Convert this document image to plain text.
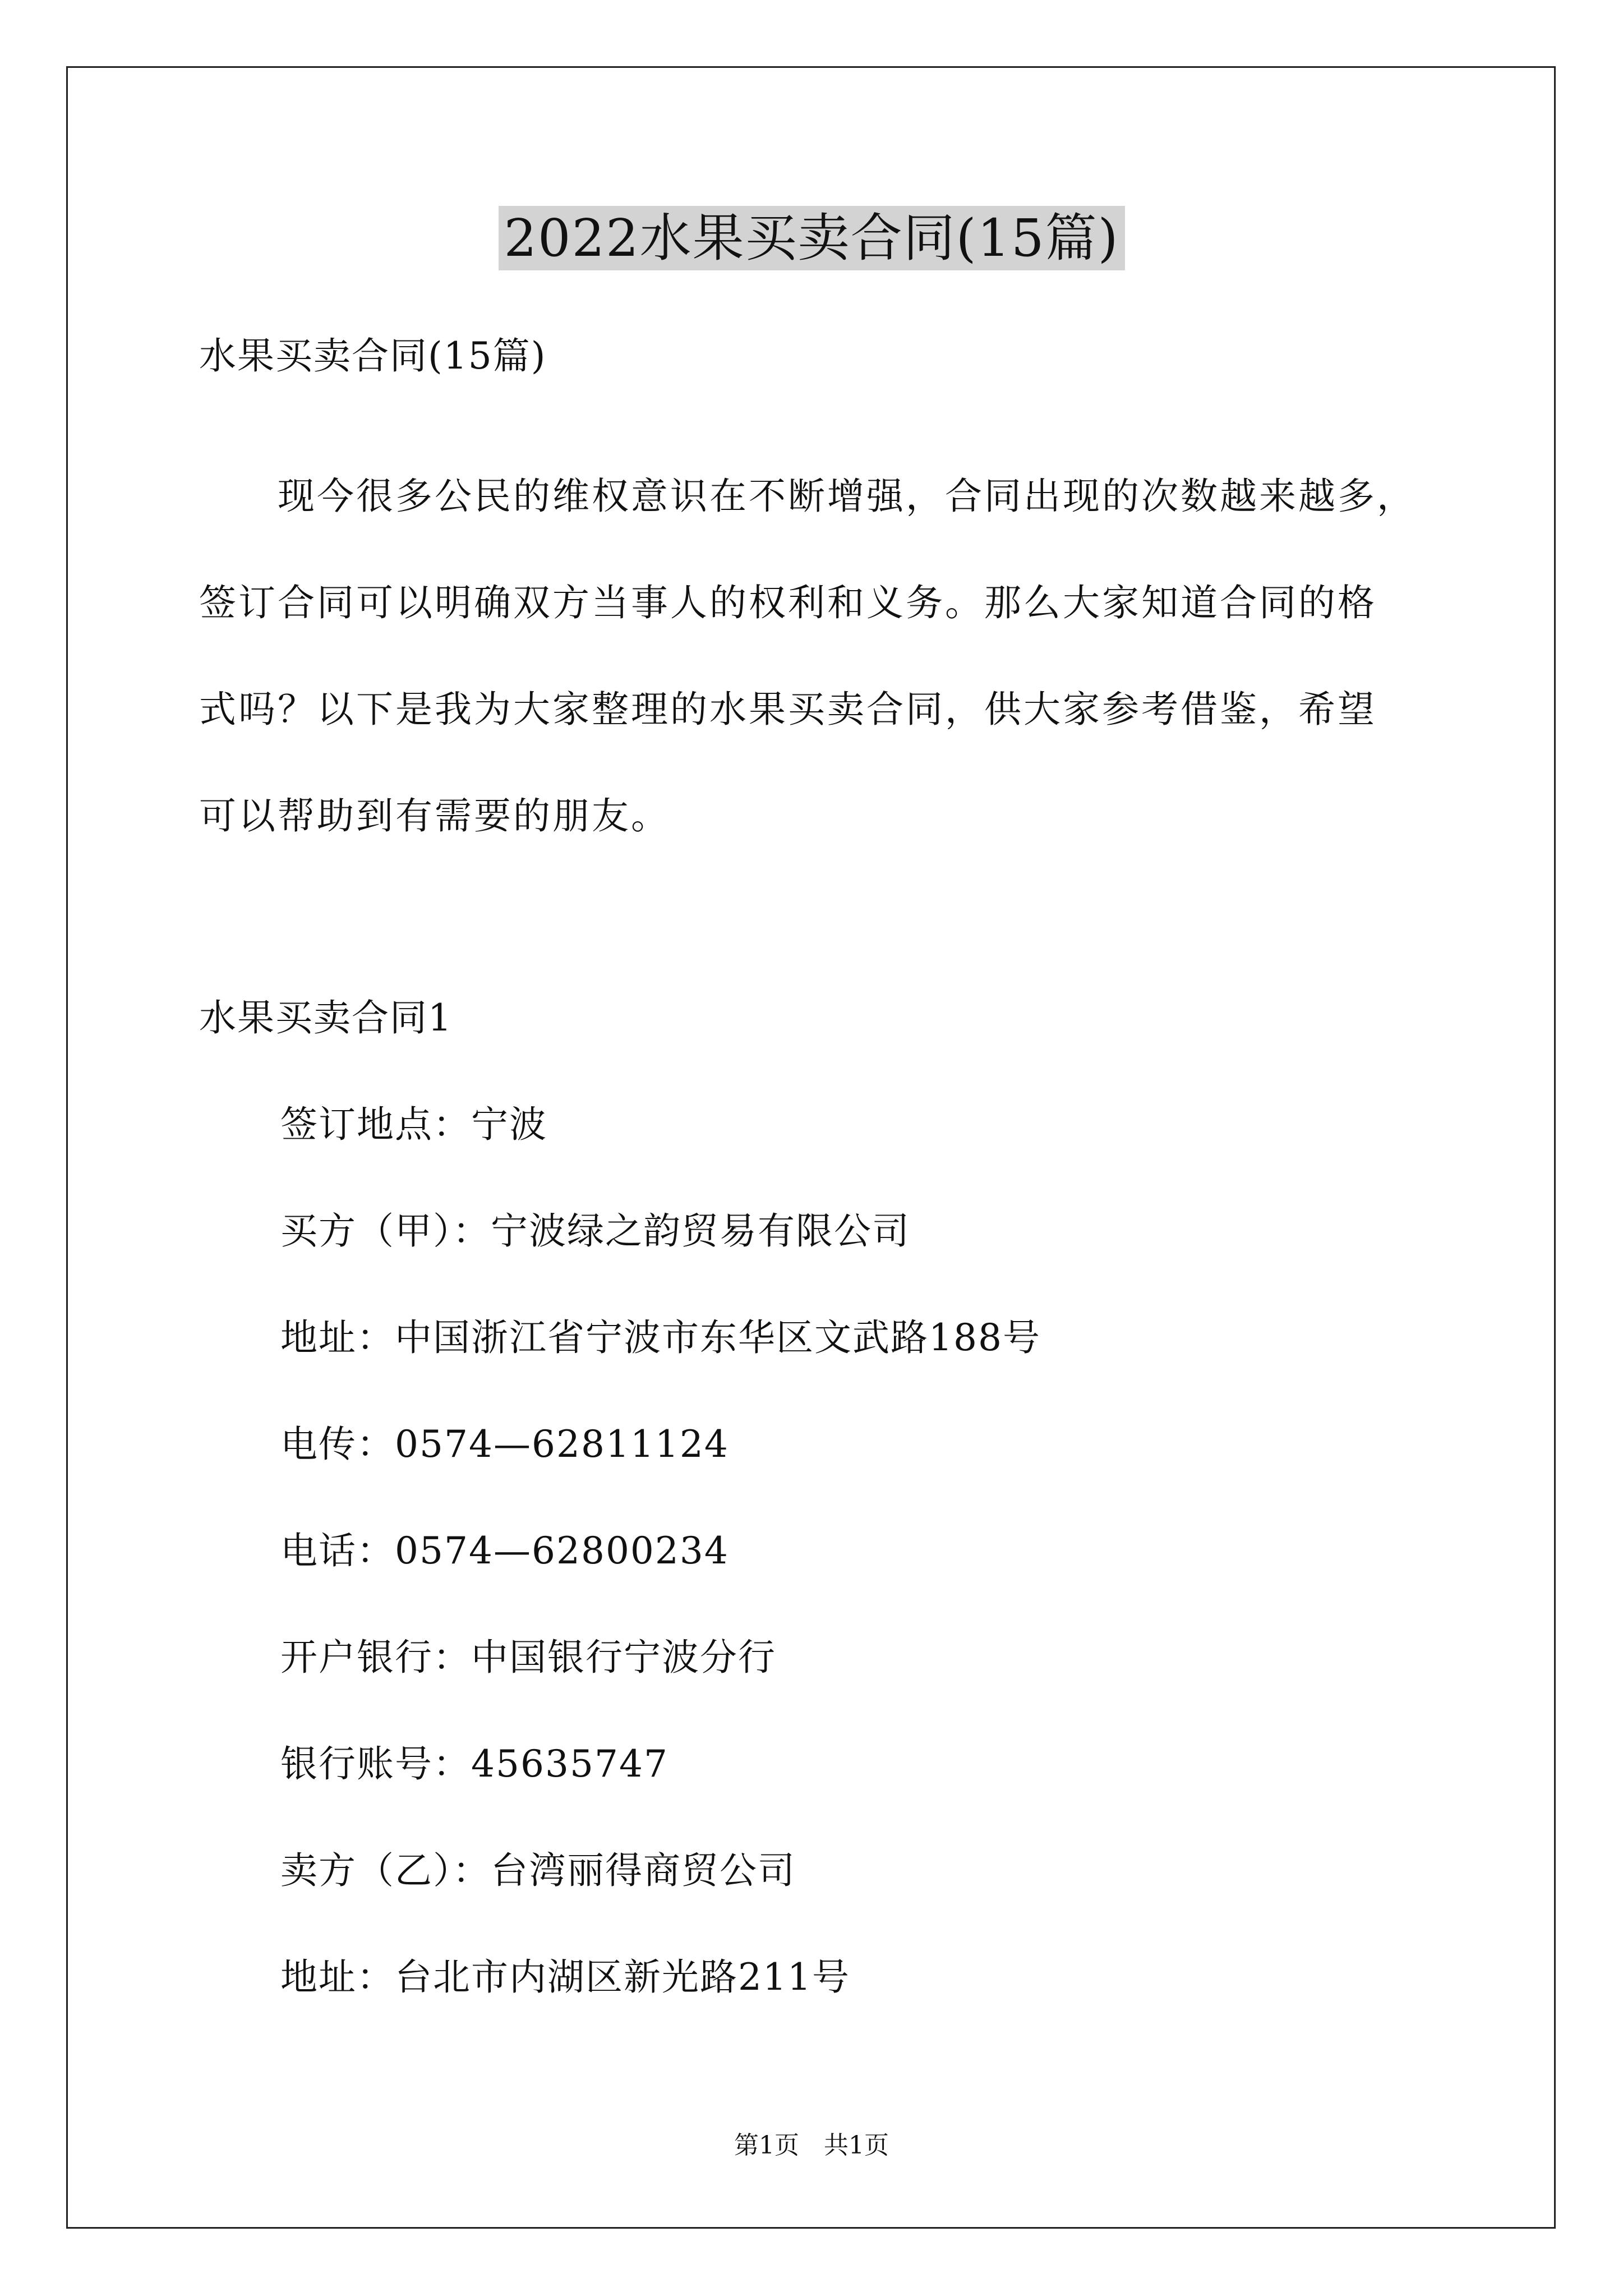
2022水果买卖合同(15篇)
水果买卖合同(15篇)
　　现今很多公民的维权意识在不断增强，合同出现的次数越来越多，
签订合同可以明确双方当事人的权利和义务。那么大家知道合同的格
式吗？以下是我为大家整理的水果买卖合同，供大家参考借鉴，希望
可以帮助到有需要的朋友。
水果买卖合同1
签订地点：宁波
买方（甲）：宁波绿之韵贸易有限公司
地址：中国浙江省宁波市东华区文武路188号
电传：0574—62811124
电话：0574—62800234
开户银行：中国银行宁波分行
银行账号：45635747
卖方（乙）：台湾丽得商贸公司
地址：台北市内湖区新光路211号
第1页　共1页
